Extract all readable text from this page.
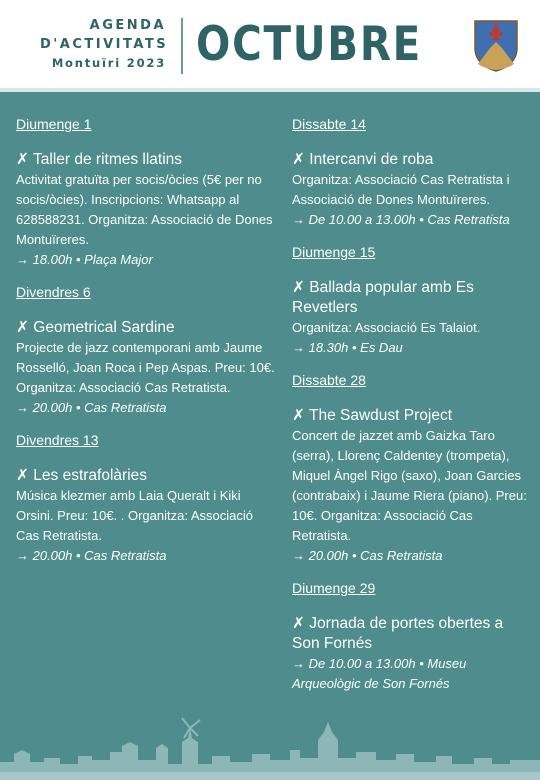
AGENDA
D'ACTIVITATS
Montuïri 2023 OCTUBRE

Diumenge 1

✗ Taller de ritmes llatins

Activitat gratuïta per socis/òcies (5€ per no socis/òcies). Inscripcions: Whatsapp al 628588231. Organitza: Associació de Dones Montuïreres.

→ 18.00h • Plaça Major

Divendres 6

✗ Geometrical Sardine

Projecte de jazz contemporani amb Jaume Rosselló, Joan Roca i Pep Aspas. Preu: 10€. Organitza: Associació Cas Retratista.

→ 20.00h • Cas Retratista

Divendres 13

✗ Les estrafolàries

Música klezmer amb Laia Queralt i Kiki Orsini. Preu: 10€. . Organitza: Associació Cas Retratista.

→ 20.00h • Cas Retratista

Dissabte 14

✗ Intercanvi de roba

Organitza: Associació Cas Retratista i Associació de Dones Montuïreres.

→ De 10.00 a 13.00h • Cas Retratista

Diumenge 15

✗ Ballada popular amb Es Revetlers

Organitza: Associació Es Talaiot.

→ 18.30h • Es Dau

Dissabte 28

✗ The Sawdust Project

Concert de jazzet amb Gaizka Taro (serra), Llorenç Caldentey (trompeta), Miquel Àngel Rigo (saxo), Joan Garcies (contrabaix) i Jaume Riera (piano). Preu: 10€. Organitza: Associació Cas Retratista.

→ 20.00h • Cas Retratista

Diumenge 29

✗ Jornada de portes obertes a Son Fornés

→ De 10.00 a 13.00h • Museu Arqueològic de Son Fornés
